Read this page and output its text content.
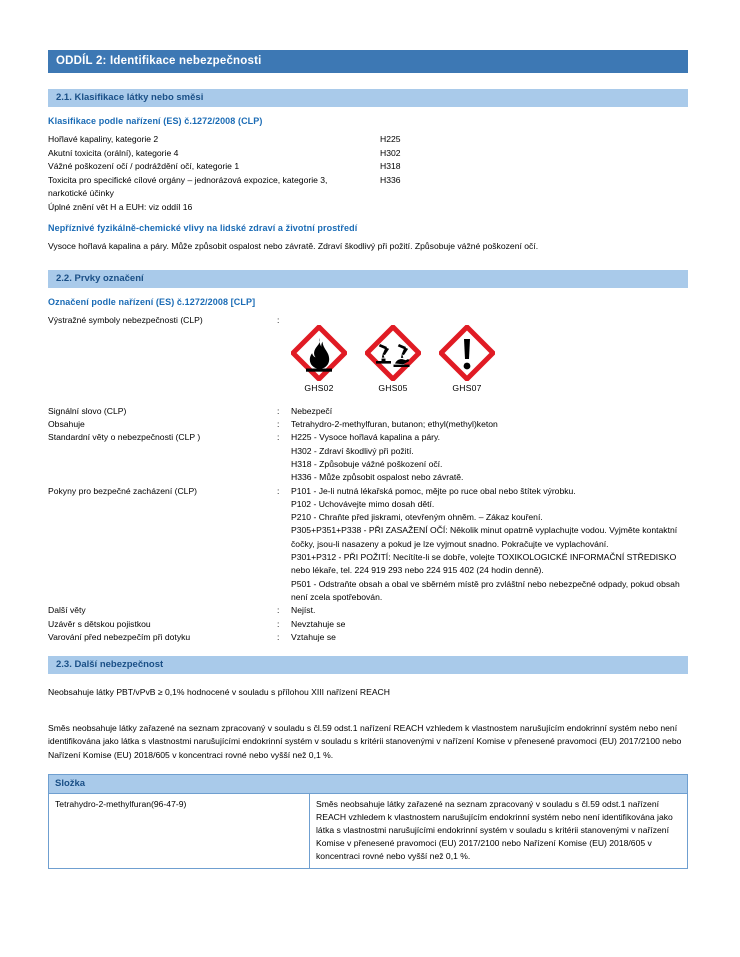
ODDÍL 2: Identifikace nebezpečnosti
2.1. Klasifikace látky nebo směsi
Klasifikace podle nařízení (ES) č.1272/2008 (CLP)
Hořlavé kapaliny, kategorie 2	H225
Akutní toxicita (orální), kategorie 4	H302
Vážné poškození očí / podráždění očí, kategorie 1	H318
Toxicita pro specifické cílové orgány – jednorázová expozice, kategorie 3,	H336
narkotické účinky
Úplné znění vět H a EUH: viz oddíl 16
Nepříznivé fyzikálně-chemické vlivy na lidské zdraví a životní prostředí

Vysoce hořlavá kapalina a páry. Může způsobit ospalost nebo závratě. Zdraví škodlivý při požití. Způsobuje vážné poškození očí.

2.2. Prvky označení
Označení podle nařízení (ES) č.1272/2008 [CLP]
Výstražné symboly nebezpečnosti (CLP)	:
GHS02	GHS05	GHS07
Signální slovo (CLP)	:	Nebezpečí
Obsahuje	:	Tetrahydro-2-methylfuran, butanon; ethyl(methyl)keton
Standardní věty o nebezpečnosti (CLP )	:	H225 - Vysoce hořlavá kapalina a páry.
H302 - Zdraví škodlivý při požití.
H318 - Způsobuje vážné poškození očí.
H336 - Může způsobit ospalost nebo závratě.
Pokyny pro bezpečné zacházení (CLP)	:	P101 - Je-li nutná lékařská pomoc, mějte po ruce obal nebo štítek výrobku.
P102 - Uchovávejte mimo dosah dětí.
P210 - Chraňte před jiskrami, otevřeným ohněm. – Zákaz kouření.
P305+P351+P338 - PŘI ZASAŽENÍ OČÍ: Několik minut opatrně vyplachujte vodou. Vyjměte kontaktní čočky, jsou-li nasazeny a pokud je lze vyjmout snadno. Pokračujte ve vyplachování.
P301+P312 - PŘI POŽITÍ: Necítíte-li se dobře, volejte TOXIKOLOGICKÉ INFORMAČNÍ STŘEDISKO nebo lékaře, tel. 224 919 293 nebo 224 915 402 (24 hodin denně).
P501 - Odstraňte obsah a obal ve sběrném místě pro zvláštní nebo nebezpečné odpady, pokud obsah není zcela spotřebován.
Další věty	:	Nejíst.
Uzávěr s dětskou pojistkou	:	Nevztahuje se
Varování před nebezpečím při dotyku	:	Vztahuje se
2.3. Další nebezpečnost

Neobsahuje látky PBT/vPvB ≥ 0,1% hodnocené v souladu s přílohou XIII nařízení REACH

Směs neobsahuje látky zařazené na seznam zpracovaný v souladu s čl.59 odst.1 nařízení REACH vzhledem k vlastnostem narušujícím endokrinní systém nebo není identifikována jako látka s vlastnostmi narušujícími endokrinní systém v souladu s kritérii stanovenými v nařízení Komise v přenesené pravomoci (EU) 2017/2100 nebo Nařízení Komise (EU) 2018/605 v koncentraci rovné nebo vyšší než 0,1 %.

Složka
Tetrahydro-2-methylfuran(96-47-9)	Směs neobsahuje látky zařazené na seznam zpracovaný v souladu s čl.59 odst.1 nařízení REACH vzhledem k vlastnostem narušujícím endokrinní systém nebo není identifikována jako látka s vlastnostmi narušujícími endokrinní systém v souladu s kritérii stanovenými v nařízení Komise v přenesené pravomoci (EU) 2017/2100 nebo Nařízení Komise (EU) 2018/605 v koncentraci rovné nebo vyšší než 0,1 %.
